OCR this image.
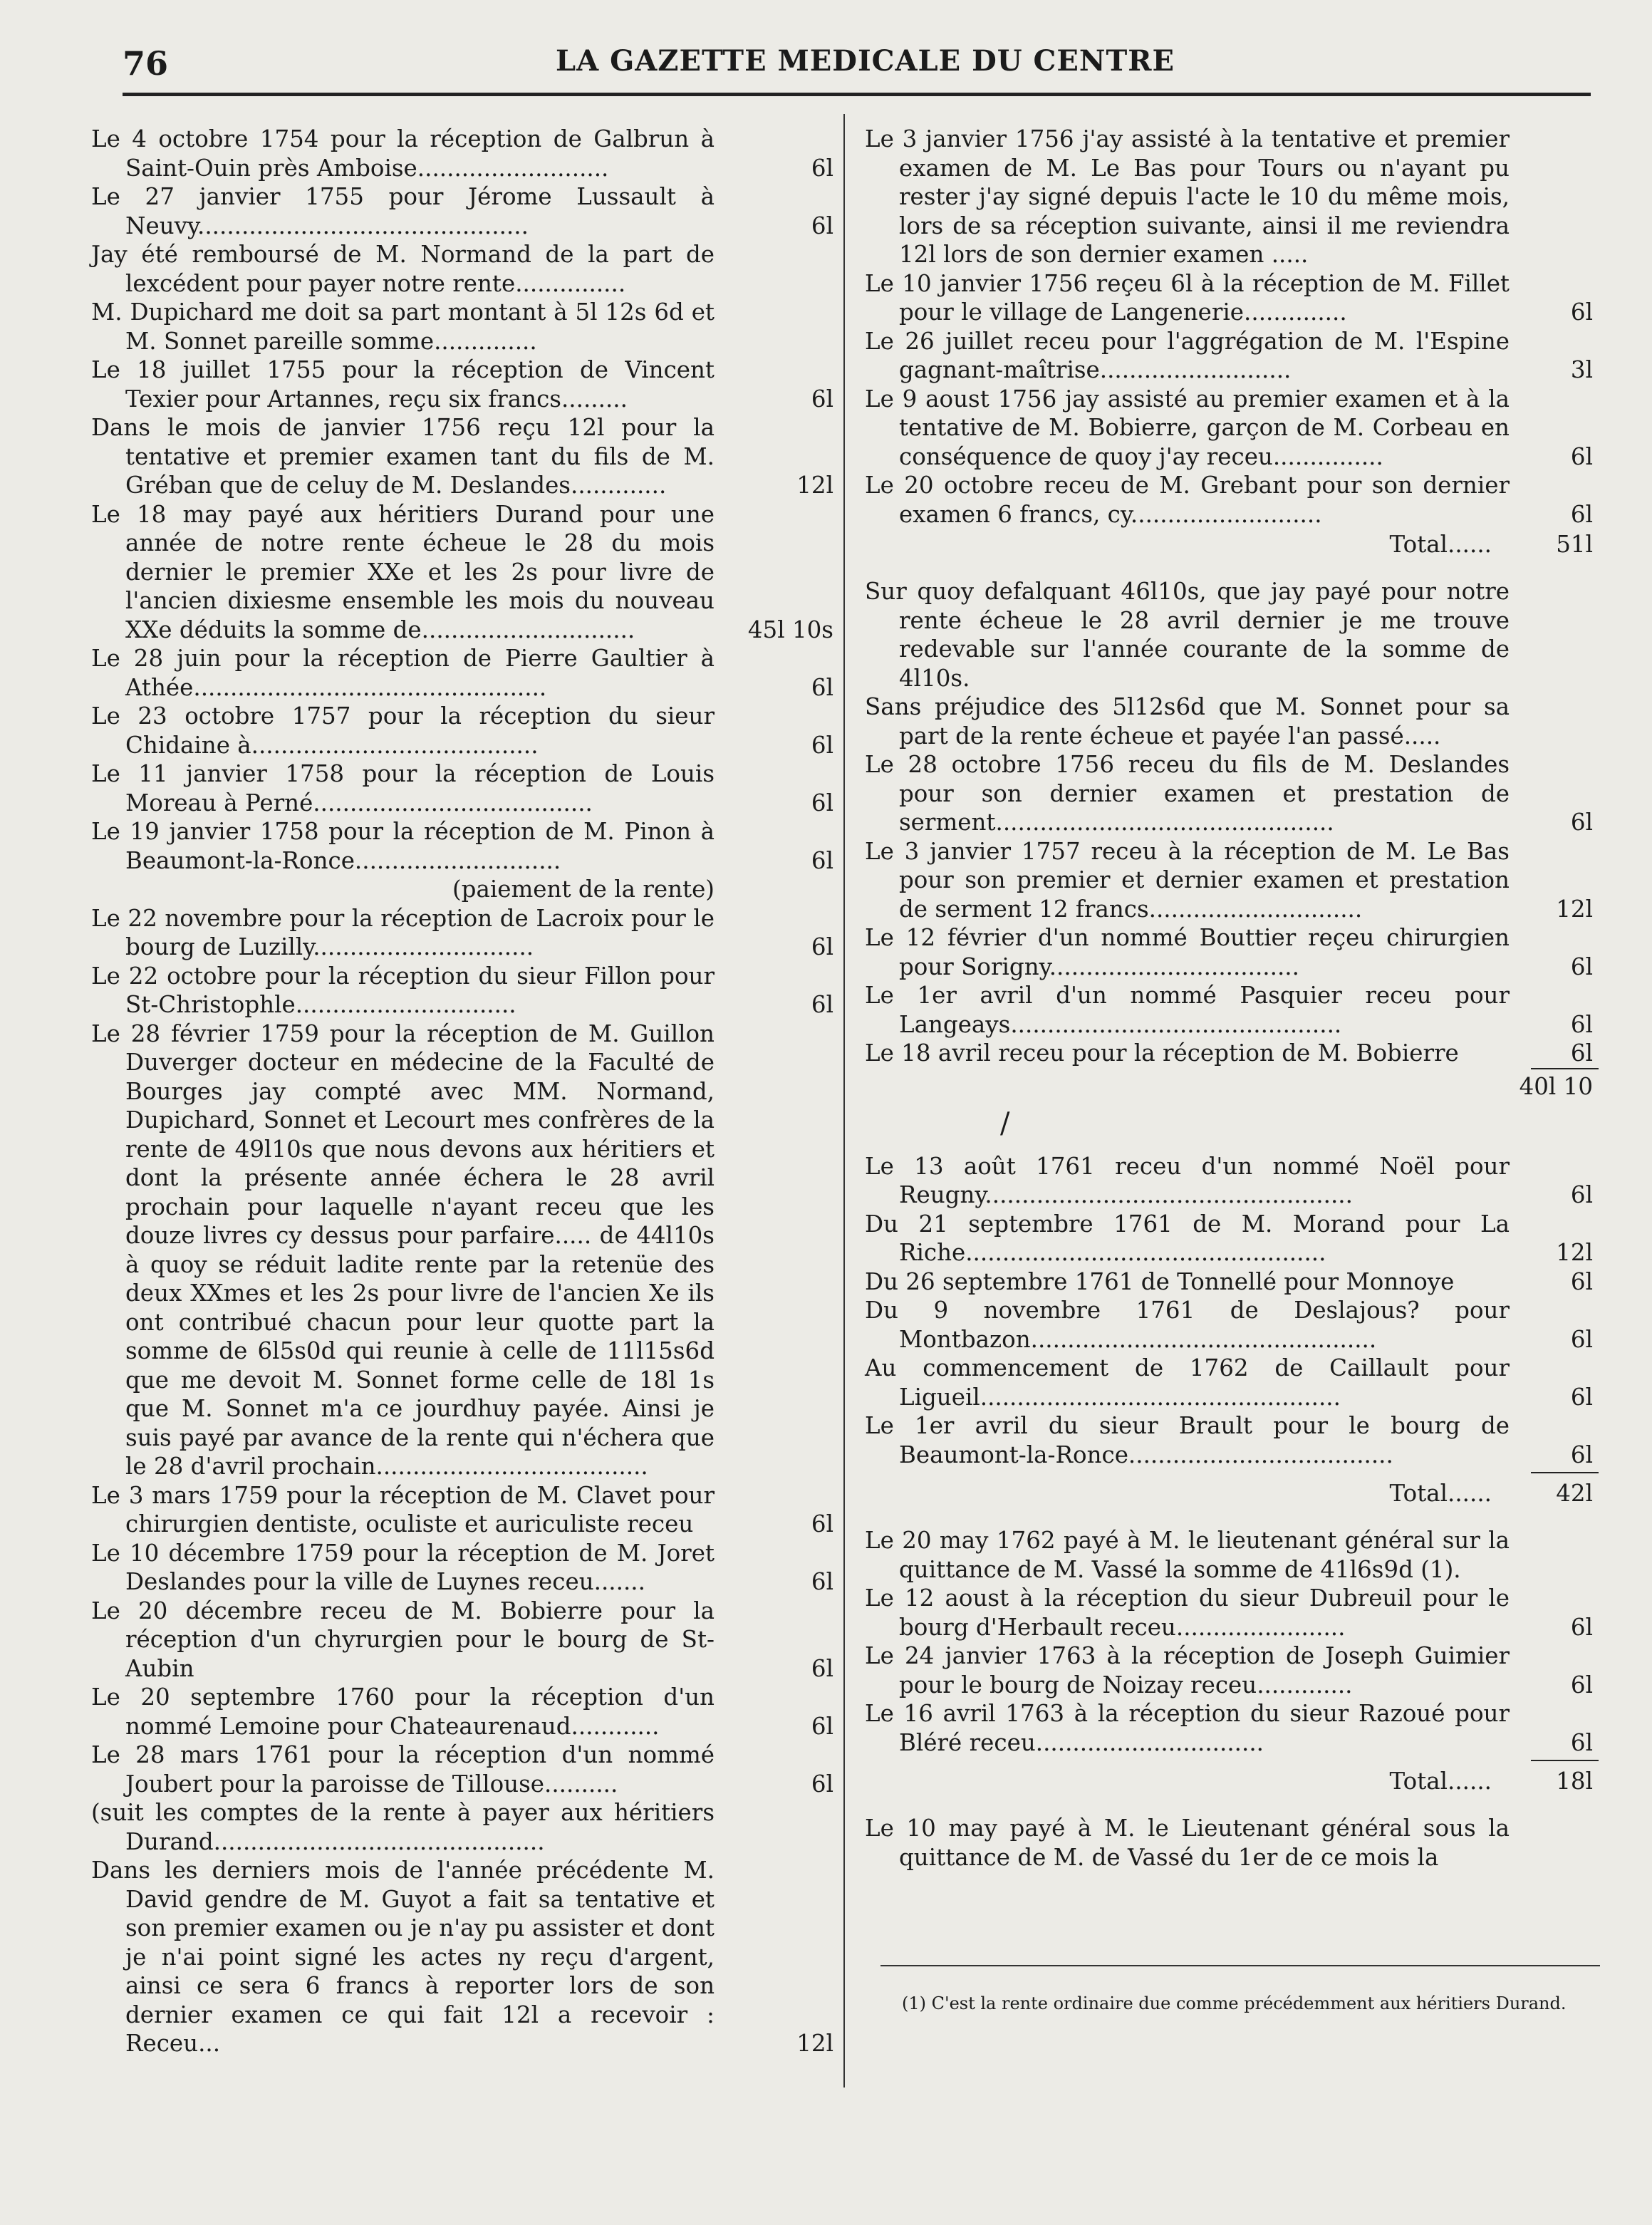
76	LA GAZETTE MEDICALE DU CENTRE
Le 4 octobre 1754 pour la réception de Galbrun à Saint-Ouin près Amboise..........................	6l
Le 27 janvier 1755 pour Jérome Lussault à Neuvy.............................................	6l
Jay été remboursé de M. Normand de la part de lexcédent pour payer notre rente...............
M. Dupichard me doit sa part montant à 5l 12s 6d et M. Sonnet pareille somme..............
Le 18 juillet 1755 pour la réception de Vincent Texier pour Artannes, reçu six francs.........	6l
Dans le mois de janvier 1756 reçu 12l pour la tentative et premier examen tant du fils de M. Gréban que de celuy de M. Deslandes.............	12l
Le 18 may payé aux héritiers Durand pour une année de notre rente écheue le 28 du mois dernier le premier XXe et les 2s pour livre de l'ancien dixiesme ensemble les mois du nouveau XXe déduits la somme de.............................	45l 10s
Le 28 juin pour la réception de Pierre Gaultier à Athée................................................	6l
Le 23 octobre 1757 pour la réception du sieur Chidaine à.......................................	6l
Le 11 janvier 1758 pour la réception de Louis Moreau à Perné......................................	6l
Le 19 janvier 1758 pour la réception de M. Pinon à Beaumont-la-Ronce............................	6l
(paiement de la rente)
Le 22 novembre pour la réception de Lacroix pour le bourg de Luzilly..............................	6l
Le 22 octobre pour la réception du sieur Fillon pour St-Christophle..............................	6l
Le 28 février 1759 pour la réception de M. Guillon Duverger docteur en médecine de la Faculté de Bourges jay compté avec MM. Normand, Dupichard, Sonnet et Lecourt mes confrères de la rente de 49l10s que nous devons aux héritiers et dont la présente année échera le 28 avril prochain pour laquelle n'ayant receu que les douze livres cy dessus pour parfaire..... de 44l10s à quoy se réduit ladite rente par la retenüe des deux XXmes et les 2s pour livre de l'ancien Xe ils ont contribué chacun pour leur quotte part la somme de 6l5s0d qui reunie à celle de 11l15s6d que me devoit M. Sonnet forme celle de 18l 1s que M. Sonnet m'a ce jourdhuy payée. Ainsi je suis payé par avance de la rente qui n'échera que le 28 d'avril prochain.....................................
Le 3 mars 1759 pour la réception de M. Clavet pour chirurgien dentiste, oculiste et auriculiste receu	6l
Le 10 décembre 1759 pour la réception de M. Joret Deslandes pour la ville de Luynes receu.......	6l
Le 20 décembre receu de M. Bobierre pour la réception d'un chyrurgien pour le bourg de St-Aubin	6l
Le 20 septembre 1760 pour la réception d'un nommé Lemoine pour Chateaurenaud............	6l
Le 28 mars 1761 pour la réception d'un nommé Joubert pour la paroisse de Tillouse..........	6l
(suit les comptes de la rente à payer aux héritiers Durand.............................................
Dans les derniers mois de l'année précédente M. David gendre de M. Guyot a fait sa tentative et son premier examen ou je n'ay pu assister et dont je n'ai point signé les actes ny reçu d'argent, ainsi ce sera 6 francs à reporter lors de son dernier examen ce qui fait 12l a recevoir : Receu...	12l
Le 3 janvier 1756 j'ay assisté à la tentative et premier examen de M. Le Bas pour Tours ou n'ayant pu rester j'ay signé depuis l'acte le 10 du même mois, lors de sa réception suivante, ainsi il me reviendra 12l lors de son dernier examen .....
Le 10 janvier 1756 reçeu 6l à la réception de M. Fillet pour le village de Langenerie..............	6l
Le 26 juillet receu pour l'aggrégation de M. l'Espine gagnant-maîtrise..........................	3l
Le 9 aoust 1756 jay assisté au premier examen et à la tentative de M. Bobierre, garçon de M. Corbeau en conséquence de quoy j'ay receu...............	6l
Le 20 octobre receu de M. Grebant pour son dernier examen 6 francs, cy..........................	6l
Total......	51l
Sur quoy defalquant 46l10s, que jay payé pour notre rente écheue le 28 avril dernier je me trouve redevable sur l'année courante de la somme de 4l10s.
Sans préjudice des 5l12s6d que M. Sonnet pour sa part de la rente écheue et payée l'an passé.....
Le 28 octobre 1756 receu du fils de M. Deslandes pour son dernier examen et prestation de serment..............................................	6l
Le 3 janvier 1757 receu à la réception de M. Le Bas pour son premier et dernier examen et prestation de serment 12 francs.............................	12l
Le 12 février d'un nommé Bouttier reçeu chirurgien pour Sorigny..................................	6l
Le 1er avril d'un nommé Pasquier receu pour Langeays.............................................	6l
Le 18 avril receu pour la réception de M. Bobierre	6l
40l 10
/
Le 13 août 1761 receu d'un nommé Noël pour Reugny..................................................	6l
Du 21 septembre 1761 de M. Morand pour La Riche.................................................	12l
Du 26 septembre 1761 de Tonnellé pour Monnoye	6l
Du 9 novembre 1761 de Deslajous? pour Montbazon...............................................	6l
Au commencement de 1762 de Caillault pour Ligueil.................................................	6l
Le 1er avril du sieur Brault pour le bourg de Beaumont-la-Ronce....................................	6l
Total......	42l
Le 20 may 1762 payé à M. le lieutenant général sur la quittance de M. Vassé la somme de 41l6s9d (1).
Le 12 aoust à la réception du sieur Dubreuil pour le bourg d'Herbault receu.......................	6l
Le 24 janvier 1763 à la réception de Joseph Guimier pour le bourg de Noizay receu.............	6l
Le 16 avril 1763 à la réception du sieur Razoué pour Bléré receu...............................	6l
Total......	18l
Le 10 may payé à M. le Lieutenant général sous la quittance de M. de Vassé du 1er de ce mois la
(1) C'est la rente ordinaire due comme précédemment aux héritiers Durand.
